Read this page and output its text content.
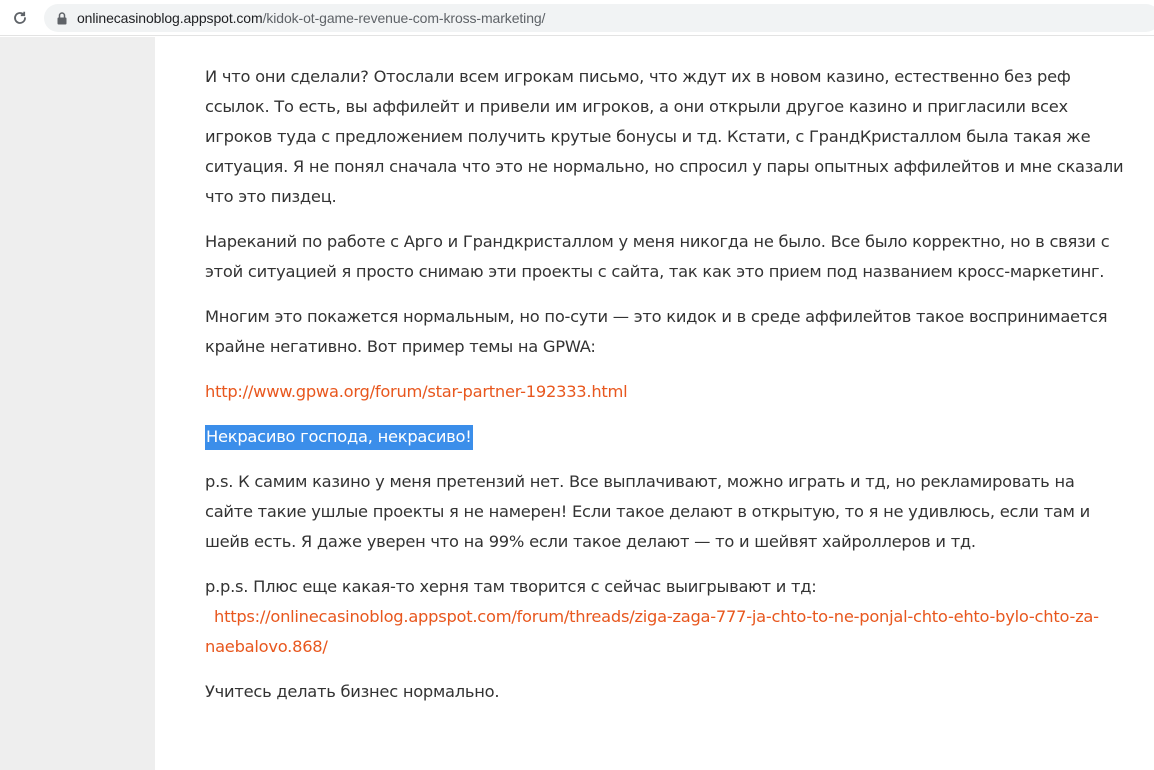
onlinecasinoblog.appspot.com/kidok-ot-game-revenue-com-kross-marketing/

И что они сделали? Отослали всем игрокам письмо, что ждут их в новом казино, естественно без реф ссылок. То есть, вы аффилейт и привели им игроков, а они открыли другое казино и пригласили всех игроков туда с предложением получить крутые бонусы и тд. Кстати, с ГрандКристаллом была такая же ситуация. Я не понял сначала что это не нормально, но спросил у пары опытных аффилейтов и мне сказали что это пиздец.

Нареканий по работе с Арго и Грандкристаллом у меня никогда не было. Все было корректно, но в связи с этой ситуацией я просто снимаю эти проекты с сайта, так как это прием под названием кросс-маркетинг.

Многим это покажется нормальным, но по-сути — это кидок и в среде аффилейтов такое воспринимается крайне негативно. Вот пример темы на GPWA:

http://www.gpwa.org/forum/star-partner-192333.html

Некрасиво господа, некрасиво!

p.s. К самим казино у меня претензий нет. Все выплачивают, можно играть и тд, но рекламировать на сайте такие ушлые проекты я не намерен! Если такое делают в открытую, то я не удивлюсь, если там и шейв есть. Я даже уверен что на 99% если такое делают — то и шейвят хайроллеров и тд.

p.p.s. Плюс еще какая-то херня там творится с сейчас выигрывают и тд:
https://onlinecasinoblog.appspot.com/forum/threads/ziga-zaga-777-ja-chto-to-ne-ponjal-chto-ehto-bylo-chto-za-naebalovo.868/

Учитесь делать бизнес нормально.
